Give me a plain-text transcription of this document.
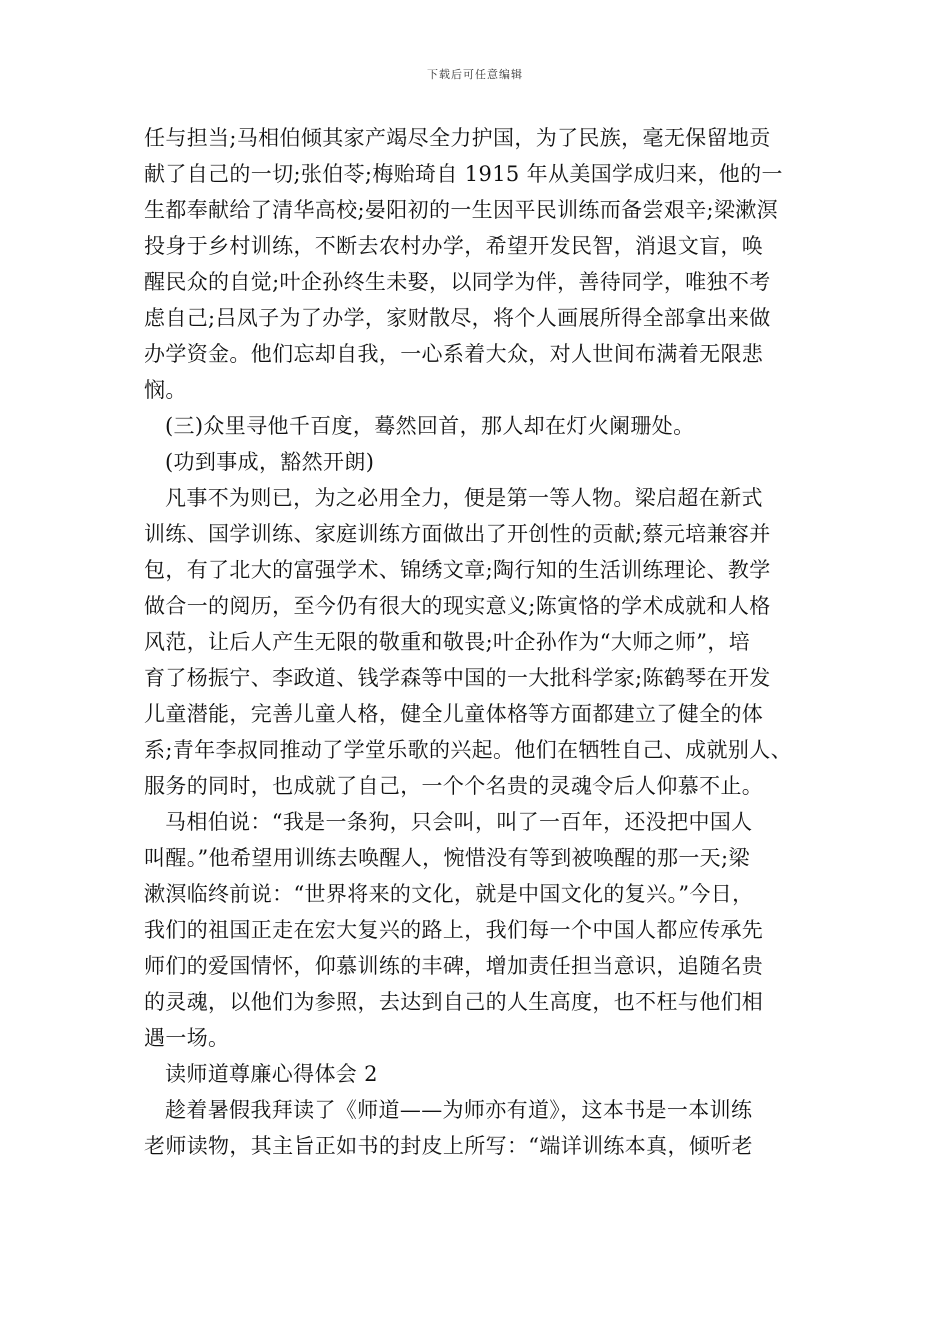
下载后可任意编辑
任与担当;马相伯倾其家产竭尽全力护国，为了民族，毫无保留地贡
献了自己的一切;张伯苓;梅贻琦自 1915 年从美国学成归来，他的一
生都奉献给了清华高校;晏阳初的一生因平民训练而备尝艰辛;梁漱溟
投身于乡村训练，不断去农村办学，希望开发民智，消退文盲，唤
醒民众的自觉;叶企孙终生未娶，以同学为伴，善待同学，唯独不考
虑自己;吕凤子为了办学，家财散尽，将个人画展所得全部拿出来做
办学资金。他们忘却自我，一心系着大众，对人世间布满着无限悲
悯。
(三)众里寻他千百度，蓦然回首，那人却在灯火阑珊处。
(功到事成，豁然开朗)
凡事不为则已，为之必用全力，便是第一等人物。梁启超在新式
训练、国学训练、家庭训练方面做出了开创性的贡献;蔡元培兼容并
包，有了北大的富强学术、锦绣文章;陶行知的生活训练理论、教学
做合一的阅历，至今仍有很大的现实意义;陈寅恪的学术成就和人格
风范，让后人产生无限的敬重和敬畏;叶企孙作为“大师之师”，培
育了杨振宁、李政道、钱学森等中国的一大批科学家;陈鹤琴在开发
儿童潜能，完善儿童人格，健全儿童体格等方面都建立了健全的体
系;青年李叔同推动了学堂乐歌的兴起。他们在牺牲自己、成就别人、
服务的同时，也成就了自己，一个个名贵的灵魂令后人仰慕不止。
马相伯说：“我是一条狗，只会叫，叫了一百年，还没把中国人
叫醒。”他希望用训练去唤醒人，惋惜没有等到被唤醒的那一天;梁
漱溟临终前说：“世界将来的文化，就是中国文化的复兴。”今日，
我们的祖国正走在宏大复兴的路上，我们每一个中国人都应传承先
师们的爱国情怀，仰慕训练的丰碑，增加责任担当意识，追随名贵
的灵魂，以他们为参照，去达到自己的人生高度，也不枉与他们相
遇一场。
读师道尊廉心得体会 2
趁着暑假我拜读了《师道——为师亦有道》，这本书是一本训练
老师读物，其主旨正如书的封皮上所写：“端详训练本真，倾听老
